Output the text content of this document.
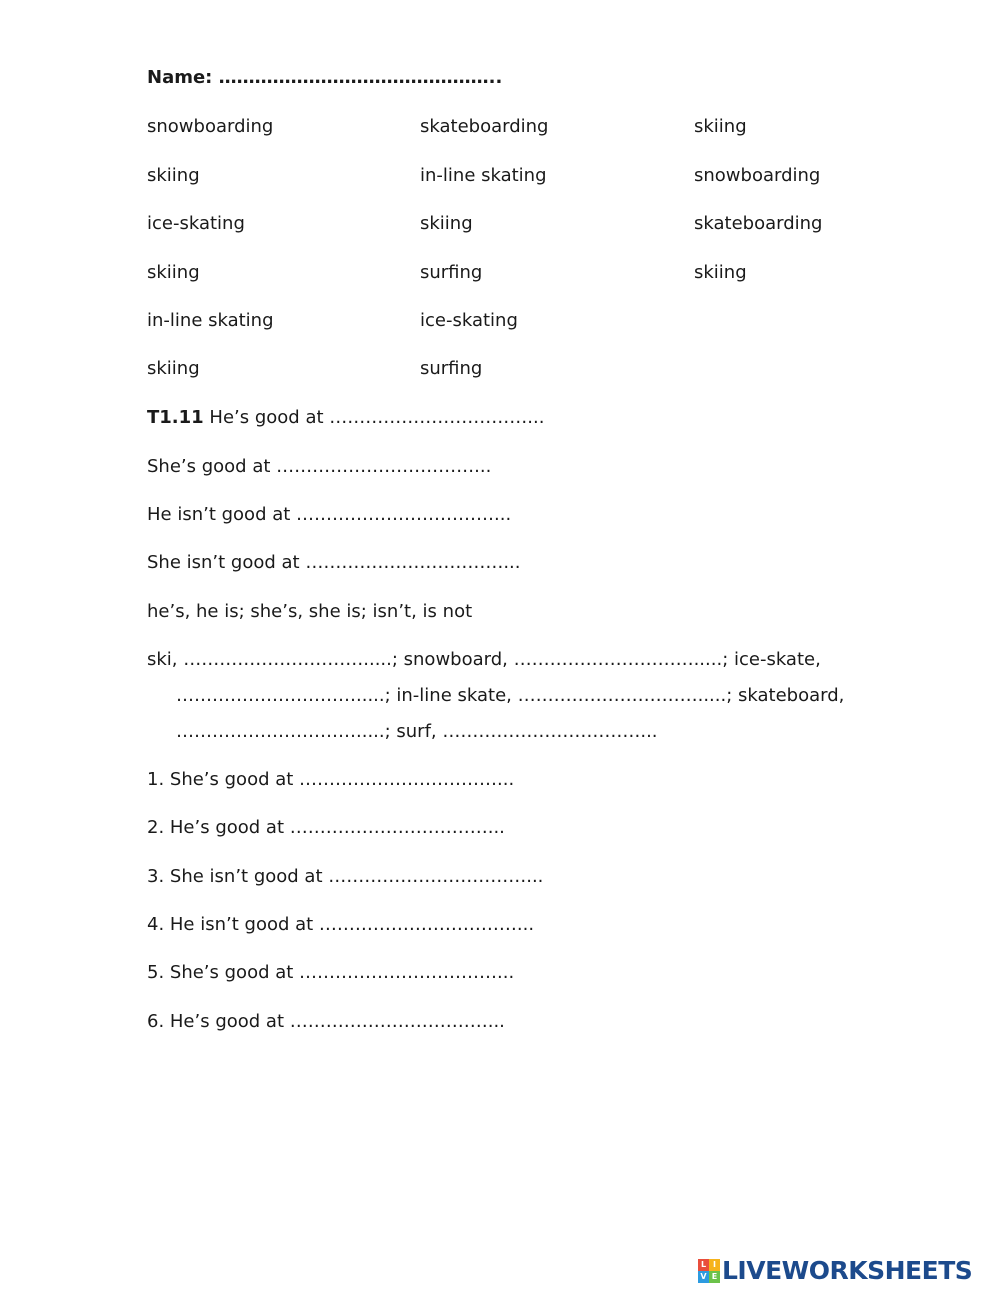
Name: ………………………………………..
snowboarding	skateboarding	skiing
skiing	in-line skating	snowboarding
ice-skating	skiing	skateboarding
skiing	surfing	skiing
in-line skating	ice-skating
skiing	surfing
T1.11 He’s good at ……………………………...
She’s good at ……………………………...
He isn’t good at ……………………………...
She isn’t good at ……………………………...
he’s, he is; she’s, she is; isn’t, is not
ski, ………………………….....; snowboard, ………………………….....; ice-skate,
………………………….....; in-line skate, ………………………….....; skateboard,
………………………….....; surf, ……………………………...
1. She’s good at ……………………………...
2. He’s good at ……………………………...
3. She isn’t good at ……………………………...
4. He isn’t good at ……………………………...
5. She’s good at ……………………………...
6. He’s good at ……………………………...
L I
V E LIVEWORKSHEETS
